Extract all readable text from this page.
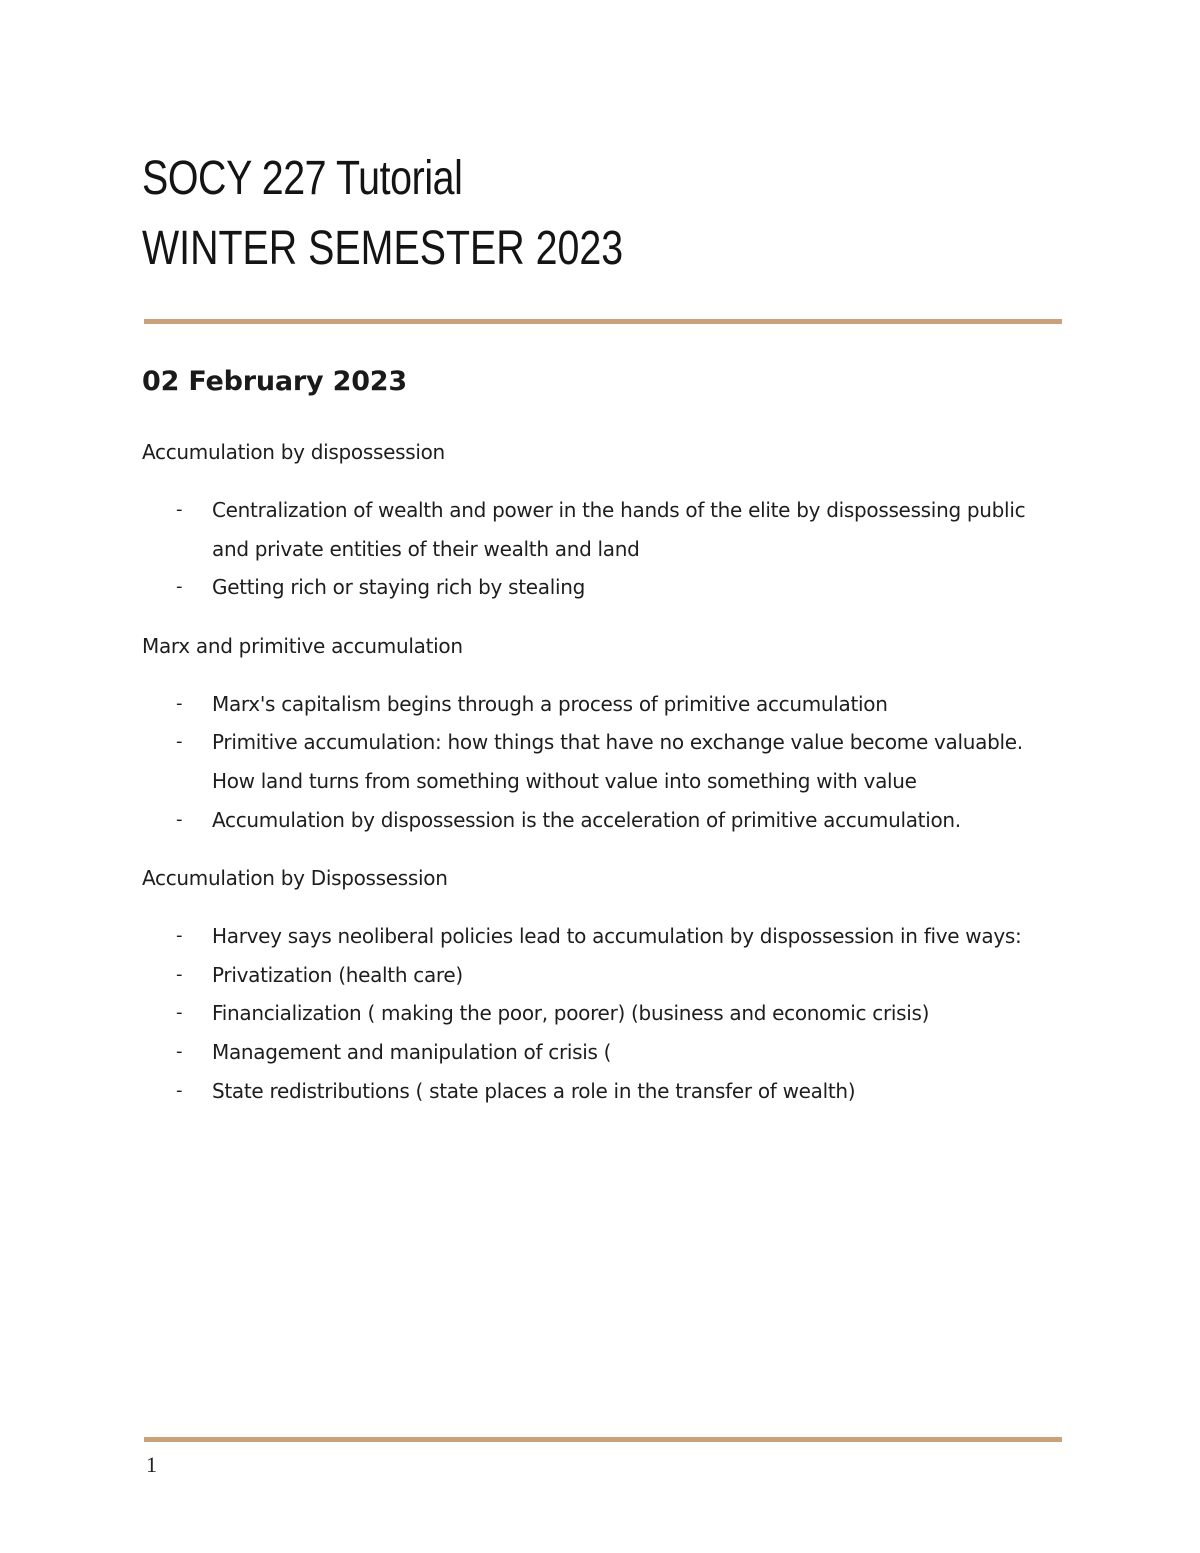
SOCY 227 Tutorial
WINTER SEMESTER 2023
02 February 2023

Accumulation by dispossession

- Centralization of wealth and power in the hands of the elite by dispossessing public and private entities of their wealth and land
- Getting rich or staying rich by stealing

Marx and primitive accumulation

- Marx's capitalism begins through a process of primitive accumulation
- Primitive accumulation: how things that have no exchange value become valuable. How land turns from something without value into something with value
- Accumulation by dispossession is the acceleration of primitive accumulation.

Accumulation by Dispossession

- Harvey says neoliberal policies lead to accumulation by dispossession in five ways:
- Privatization (health care)
- Financialization ( making the poor, poorer) (business and economic crisis)
- Management and manipulation of crisis (
- State redistributions ( state places a role in the transfer of wealth)
1
